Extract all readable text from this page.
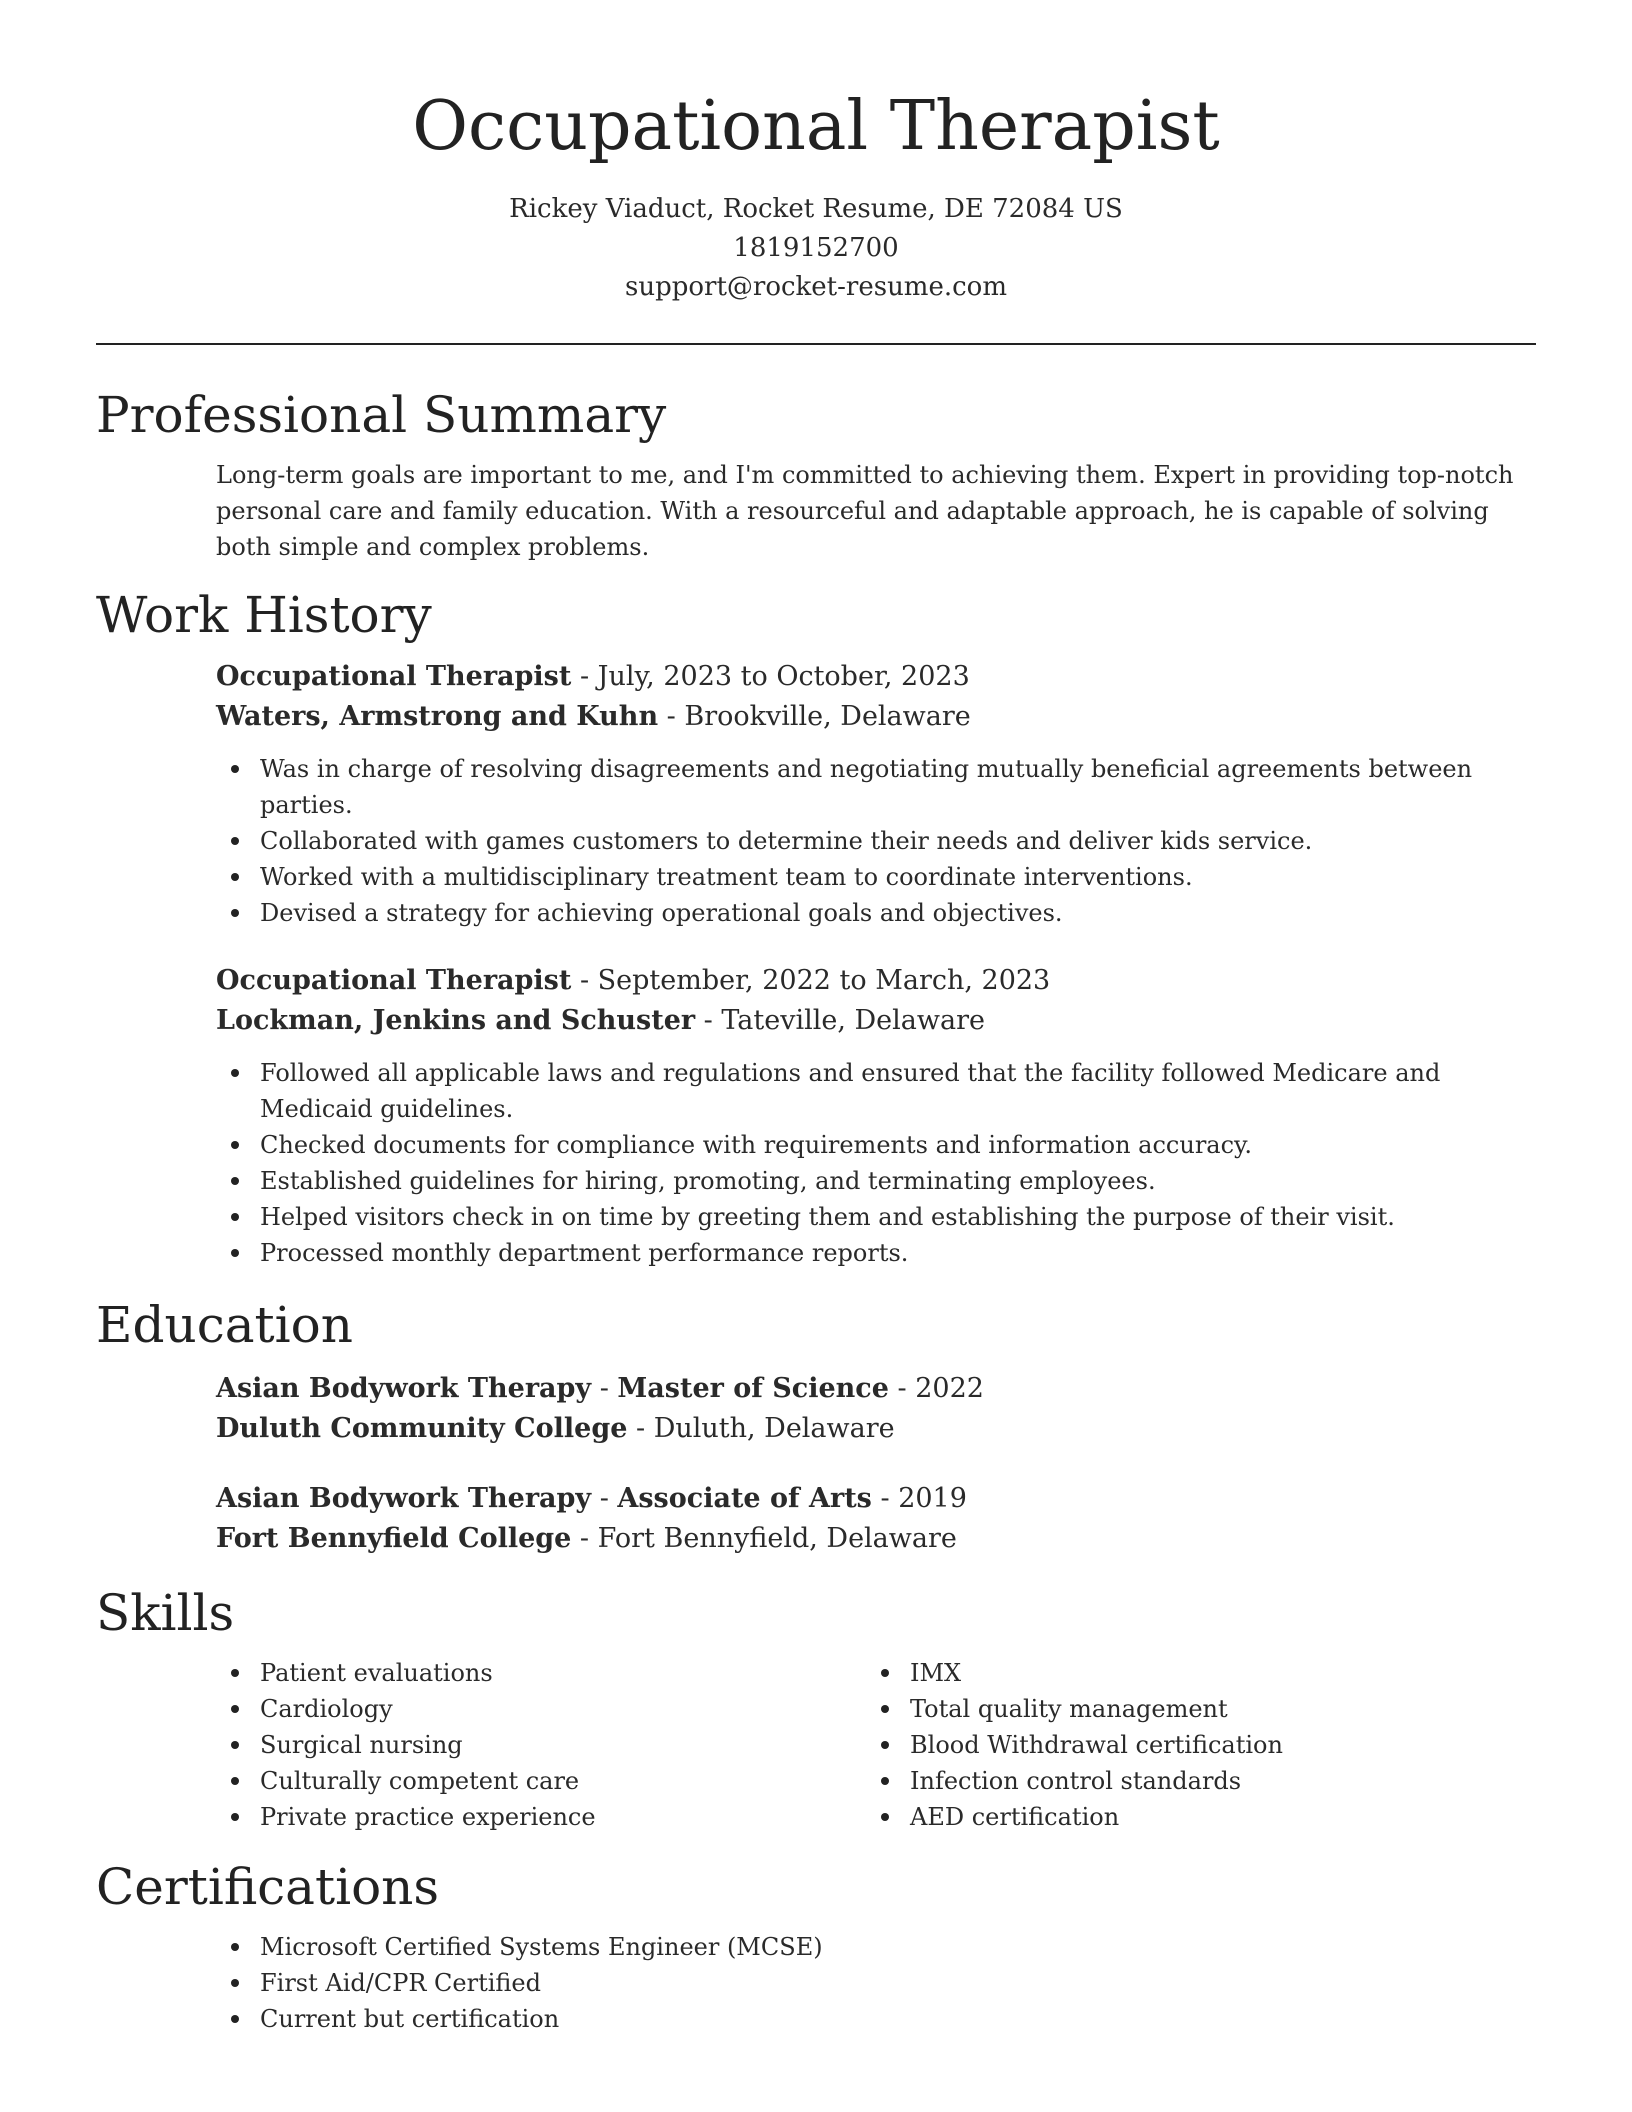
Occupational Therapist
Rickey Viaduct, Rocket Resume, DE 72084 US
1819152700
support@rocket-resume.com
Professional Summary

Long-term goals are important to me, and I'm committed to achieving them. Expert in providing top-notch personal care and family education. With a resourceful and adaptable approach, he is capable of solving both simple and complex problems.

Work History
Occupational Therapist - July, 2023 to October, 2023
Waters, Armstrong and Kuhn - Brookville, Delaware
Was in charge of resolving disagreements and negotiating mutually beneficial agreements between parties.
Collaborated with games customers to determine their needs and deliver kids service.
Worked with a multidisciplinary treatment team to coordinate interventions.
Devised a strategy for achieving operational goals and objectives.
Occupational Therapist - September, 2022 to March, 2023
Lockman, Jenkins and Schuster - Tateville, Delaware
Followed all applicable laws and regulations and ensured that the facility followed Medicare and Medicaid guidelines.
Checked documents for compliance with requirements and information accuracy.
Established guidelines for hiring, promoting, and terminating employees.
Helped visitors check in on time by greeting them and establishing the purpose of their visit.
Processed monthly department performance reports.
Education
Asian Bodywork Therapy - Master of Science - 2022
Duluth Community College - Duluth, Delaware
Asian Bodywork Therapy - Associate of Arts - 2019
Fort Bennyfield College - Fort Bennyfield, Delaware
Skills
Patient evaluations
Cardiology
Surgical nursing
Culturally competent care
Private practice experience
IMX
Total quality management
Blood Withdrawal certification
Infection control standards
AED certification
Certifications
Microsoft Certified Systems Engineer (MCSE)
First Aid/CPR Certified
Current but certification
